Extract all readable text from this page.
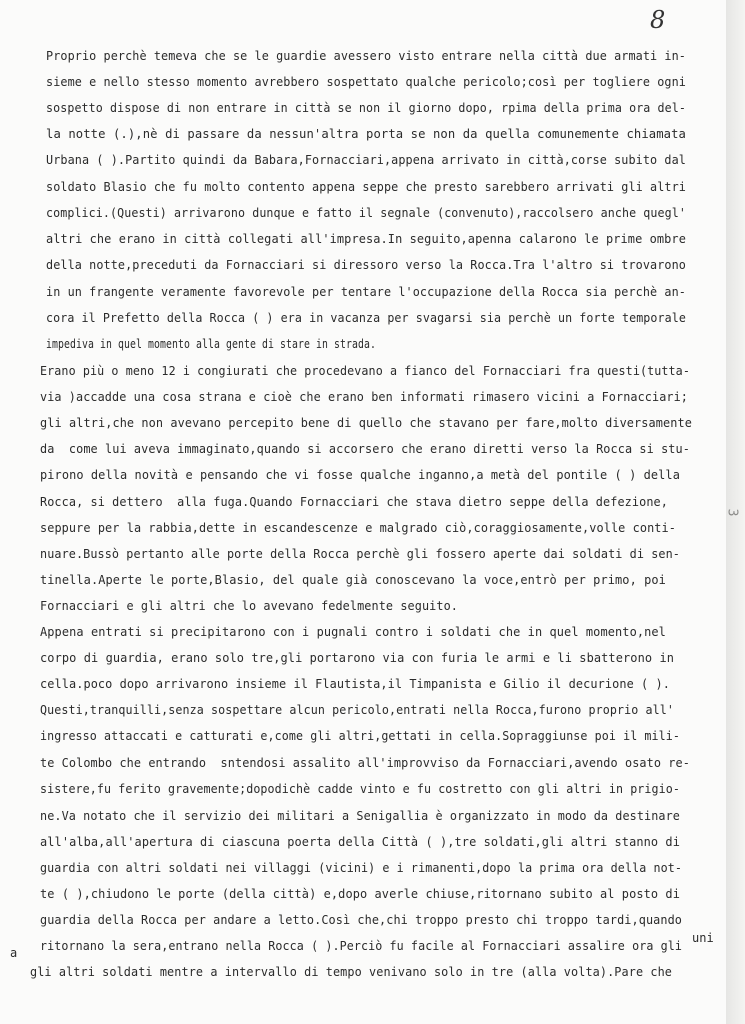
3
8
Proprio perchè temeva che se le guardie avessero visto entrare nella città due armati in-
sieme e nello stesso momento avrebbero sospettato qualche pericolo;così per togliere ogni
sospetto dispose di non entrare in città se non il giorno dopo, rpima della prima ora del-
la notte (.),nè di passare da nessun'altra porta se non da quella comunemente chiamata
Urbana ( ).Partito quindi da Babara,Fornacciari,appena arrivato in città,corse subito dal
soldato Blasio che fu molto contento appena seppe che presto sarebbero arrivati gli altri
complici.(Questi) arrivarono dunque e fatto il segnale (convenuto),raccolsero anche quegl'
altri che erano in città collegati all'impresa.In seguito,apenna calarono le prime ombre
della notte,preceduti da Fornacciari si diressoro verso la Rocca.Tra l'altro si trovarono
in un frangente veramente favorevole per tentare l'occupazione della Rocca sia perchè an-
cora il Prefetto della Rocca ( ) era in vacanza per svagarsi sia perchè un forte temporale
impediva in quel momento alla gente di stare in strada.
Erano più o meno 12 i congiurati che procedevano a fianco del Fornacciari fra questi(tutta-
via )accadde una cosa strana e cioè che erano ben informati rimasero vicini a Fornacciari;
gli altri,che non avevano percepito bene di quello che stavano per fare,molto diversamente
da  come lui aveva immaginato,quando si accorsero che erano diretti verso la Rocca si stu-
pirono della novità e pensando che vi fosse qualche inganno,a metà del pontile ( ) della
Rocca, si dettero  alla fuga.Quando Fornacciari che stava dietro seppe della defezione,
seppure per la rabbia,dette in escandescenze e malgrado ciò,coraggiosamente,volle conti-
nuare.Bussò pertanto alle porte della Rocca perchè gli fossero aperte dai soldati di sen-
tinella.Aperte le porte,Blasio, del quale già conoscevano la voce,entrò per primo, poi
Fornacciari e gli altri che lo avevano fedelmente seguito.
Appena entrati si precipitarono con i pugnali contro i soldati che in quel momento,nel
corpo di guardia, erano solo tre,gli portarono via con furia le armi e li sbatterono in
cella.poco dopo arrivarono insieme il Flautista,il Timpanista e Gilio il decurione ( ).
Questi,tranquilli,senza sospettare alcun pericolo,entrati nella Rocca,furono proprio all'
ingresso attaccati e catturati e,come gli altri,gettati in cella.Sopraggiunse poi il mili-
te Colombo che entrando  sntendosi assalito all'improvviso da Fornacciari,avendo osato re-
sistere,fu ferito gravemente;dopodichè cadde vinto e fu costretto con gli altri in prigio-
ne.Va notato che il servizio dei militari a Senigallia è organizzato in modo da destinare
all'alba,all'apertura di ciascuna poerta della Città ( ),tre soldati,gli altri stanno di
guardia con altri soldati nei villaggi (vicini) e i rimanenti,dopo la prima ora della not-
te ( ),chiudono le porte (della città) e,dopo averle chiuse,ritornano subito al posto di
guardia della Rocca per andare a letto.Così che,chi troppo presto chi troppo tardi,quando
ritornano la sera,entrano nella Rocca ( ).Perciò fu facile al Fornacciari assalire ora gli
gli altri soldati mentre a intervallo di tempo venivano solo in tre (alla volta).Pare che
uni
a
